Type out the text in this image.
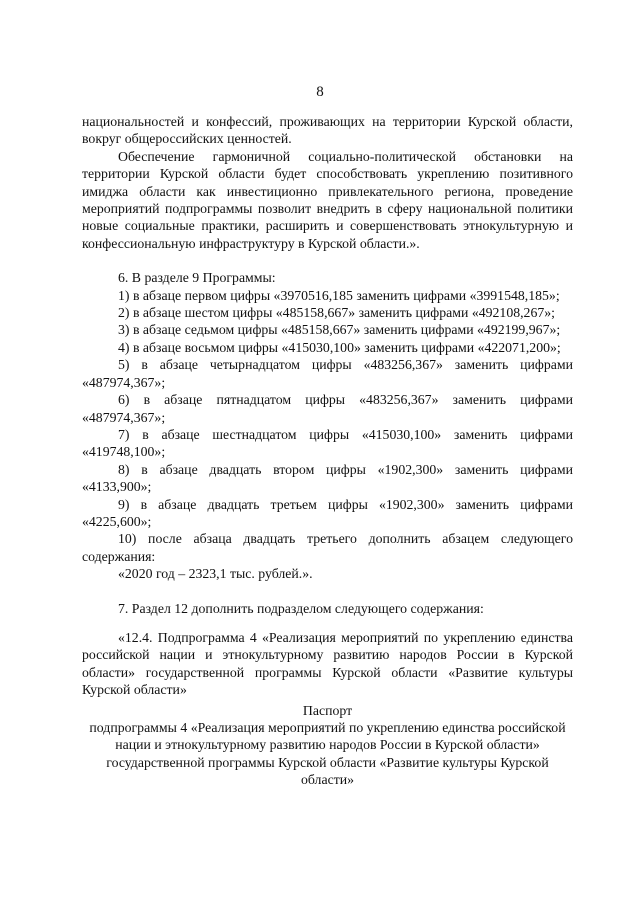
8

национальностей и конфессий, проживающих на территории Курской области, вокруг общероссийских ценностей.

Обеспечение гармоничной социально-политической обстановки на территории Курской области будет способствовать укреплению позитивного имиджа области как инвестиционно привлекательного региона, проведение мероприятий подпрограммы позволит внедрить в сферу национальной политики новые социальные практики, расширить и совершенствовать этнокультурную и конфессиональную инфраструктуру в Курской области.».

6. В разделе 9 Программы:

1) в абзаце первом цифры «3970516,185 заменить цифрами «3991548,185»;

2) в абзаце шестом цифры «485158,667» заменить цифрами «492108,267»;

3) в абзаце седьмом цифры «485158,667» заменить цифрами «492199,967»;

4) в абзаце восьмом цифры «415030,100» заменить цифрами «422071,200»;

5) в абзаце четырнадцатом цифры «483256,367» заменить цифрами «487974,367»;

6) в абзаце пятнадцатом цифры «483256,367» заменить цифрами «487974,367»;

7) в абзаце шестнадцатом цифры «415030,100» заменить цифрами «419748,100»;

8) в абзаце двадцать втором цифры «1902,300» заменить цифрами «4133,900»;

9) в абзаце двадцать третьем цифры «1902,300» заменить цифрами «4225,600»;

10) после абзаца двадцать третьего дополнить абзацем следующего содержания:

«2020 год – 2323,1 тыс. рублей.».

7. Раздел 12 дополнить подразделом следующего содержания:

«12.4. Подпрограмма 4 «Реализация мероприятий по укреплению единства российской нации и этнокультурному развитию народов России в Курской области» государственной программы Курской области «Развитие культуры Курской области»

Паспорт

подпрограммы 4 «Реализация мероприятий по укреплению единства российской нации и этнокультурному развитию народов России в Курской области» государственной программы Курской области «Развитие культуры Курской области»
